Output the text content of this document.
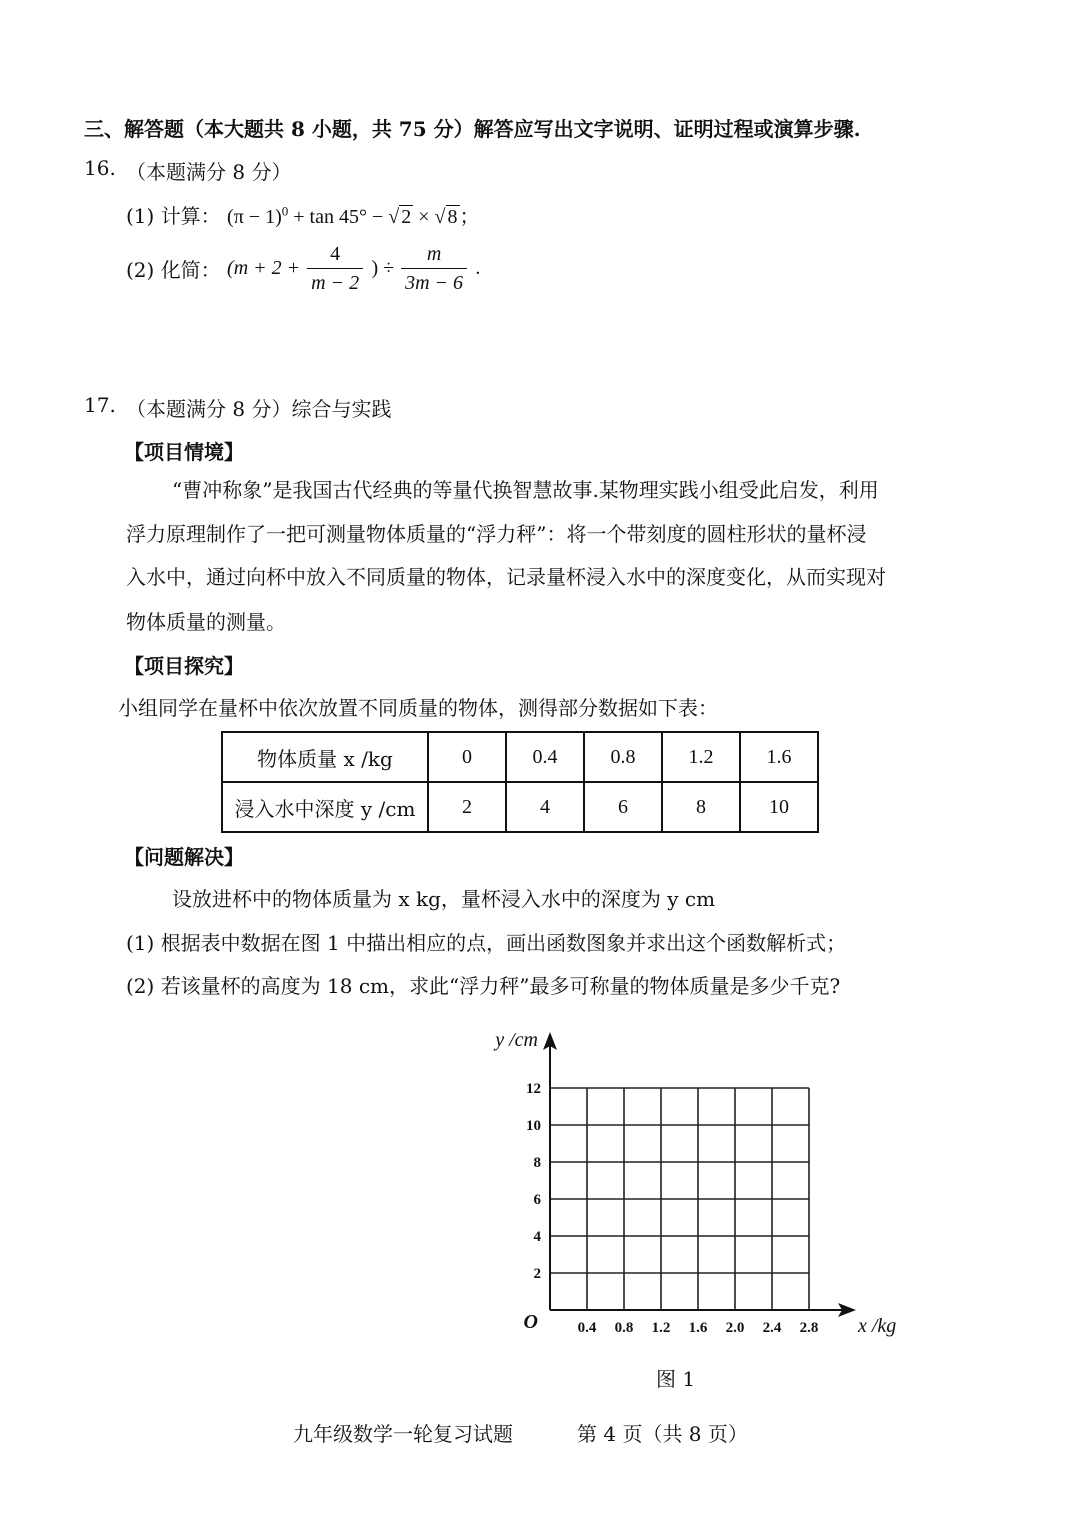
三、解答题（本大题共 8 小题，共 75 分）解答应写出文字说明、证明过程或演算步骤.
16. （本题满分 8 分）
(1) 计算： $(\pi - 1)^0 + \tan 45^\circ$ − √ 2 × √ 8 ；
(2) 化简： ($m + 2 + \frac{4}{m - 2}$ ) ÷ $\frac{m}{3m - 6}$ .
17. （本题满分 8 分）综合与实践
【项目情境】
“曹冲称象”是我国古代经典的等量代换智慧故事.某物理实践小组受此启发，利用
浮力原理制作了一把可测量物体质量的“浮力秤”：将一个带刻度的圆柱形状的量杯浸
入水中，通过向杯中放入不同质量的物体，记录量杯浸入水中的深度变化，从而实现对
物体质量的测量。
【项目探究】
小组同学在量杯中依次放置不同质量的物体，测得部分数据如下表：
物体质量 x /kg	0	0.4	0.8	1.2	1.6
浸入水中深度 y /cm	2	4	6	8	10
【问题解决】
设放进杯中的物体质量为 x kg，量杯浸入水中的深度为 y cm
(1) 根据表中数据在图 1 中描出相应的点，画出函数图象并求出这个函数解析式；
(2) 若该量杯的高度为 18 cm，求此“浮力秤”最多可称量的物体质量是多少千克?
0.4 0.8 1.2 1.6 2.0 2.4 2.8
2
4
6
8
10
12
O	x /kg
y /cm
图 1
九年级数学一轮复习试题	第 4 页（共 8 页）
